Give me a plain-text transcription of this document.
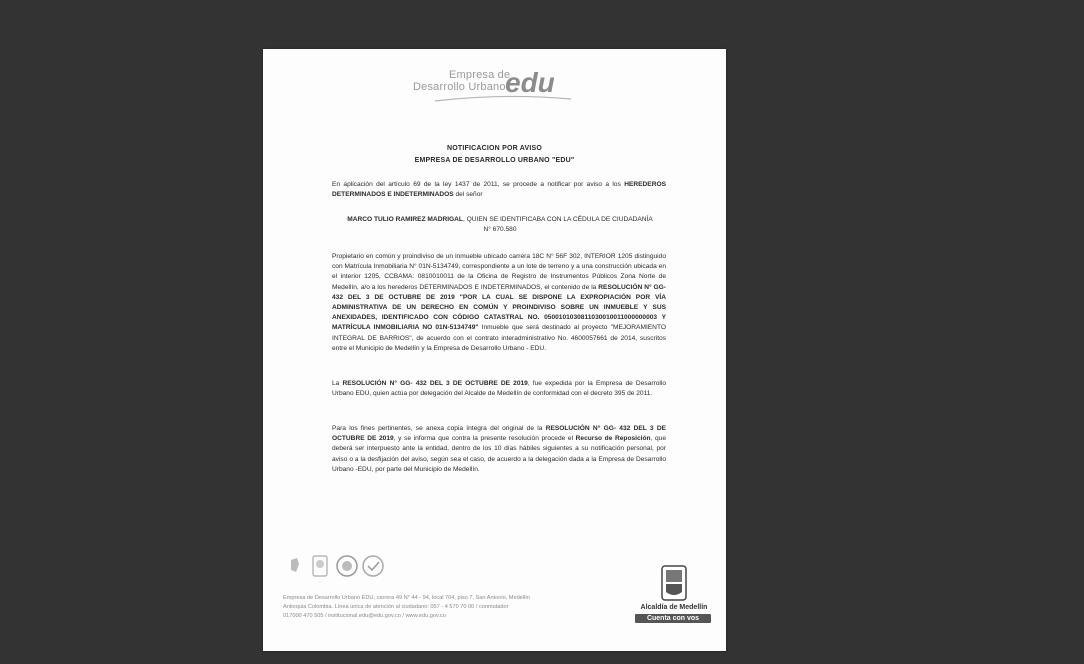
Empresa de
Desarrollo Urbano edu
NOTIFICACION POR AVISO
EMPRESA DE DESARROLLO URBANO "EDU"
En aplicación del artículo 69 de la ley 1437 de 2011, se procede a notificar por aviso a los HEREDEROS DETERMINADOS E INDETERMINADOS del señor
MARCO TULIO RAMIREZ MADRIGAL, QUIEN SE IDENTIFICABA CON LA CÉDULA DE CIUDADANÍA N° 670.580
Propietario en común y proindiviso de un inmueble ubicado carrera 18C N° 56F 302, INTERIOR 1205 distinguido con Matrícula Inmobiliaria N° 01N-5134749, correspondiente a un lote de terreno y a una construcción ubicada en el interior 1205, CCBAMA: 0810010011 de la Oficina de Registro de Instrumentos Públicos Zona Norte de Medellín, a/o a los herederos DETERMINADOS E INDETERMINADOS, el contenido de la RESOLUCIÓN N° GG- 432 DEL 3 DE OCTUBRE DE 2019 "POR LA CUAL SE DISPONE LA EXPROPIACIÓN POR VÍA ADMINISTRATIVA DE UN DERECHO EN COMÚN Y PROINDIVISO SOBRE UN INMUEBLE Y SUS ANEXIDADES, IDENTIFICADO CON CÓDIGO CATASTRAL NO. 0500101030811030010011000000003 Y MATRÍCULA INMOBILIARIA NO 01N-5134749" Inmueble que será destinado al proyecto "MEJORAMIENTO INTEGRAL DE BARRIOS", de acuerdo con el contrato interadministrativo No. 4600057661 de 2014, suscritos entre el Municipio de Medellín y la Empresa de Desarrollo Urbano - EDU.
La RESOLUCIÓN N° GG- 432 DEL 3 DE OCTUBRE DE 2019, fue expedida por la Empresa de Desarrollo Urbano EDU, quien actúa por delegación del Alcalde de Medellín de conformidad con el decreto 395 de 2011.
Para los fines pertinentes, se anexa copia íntegra del original de la RESOLUCIÓN N° GG- 432 DEL 3 DE OCTUBRE DE 2019, y se informa que contra la presente resolución procede el Recurso de Reposición, que deberá ser interpuesto ante la entidad, dentro de los 10 días hábiles siguientes a su notificación personal, por aviso o a la desfijación del aviso, según sea el caso, de acuerdo a la delegación dada a la Empresa de Desarrollo Urbano -EDU, por parte del Municipio de Medellín.
Empresa de Desarrollo Urbano EDU, carrera 49 N° 44 - 94, local 704, piso 7, San Antonio, Medellín
Antioquia Colombia. Línea única de atención al ciudadano: 057 - 4 570 70 00 / conmutador
017000 470 505 / institucional.edu@edu.gov.co / www.edu.gov.co
Alcaldía de Medellín
Cuenta con vos
